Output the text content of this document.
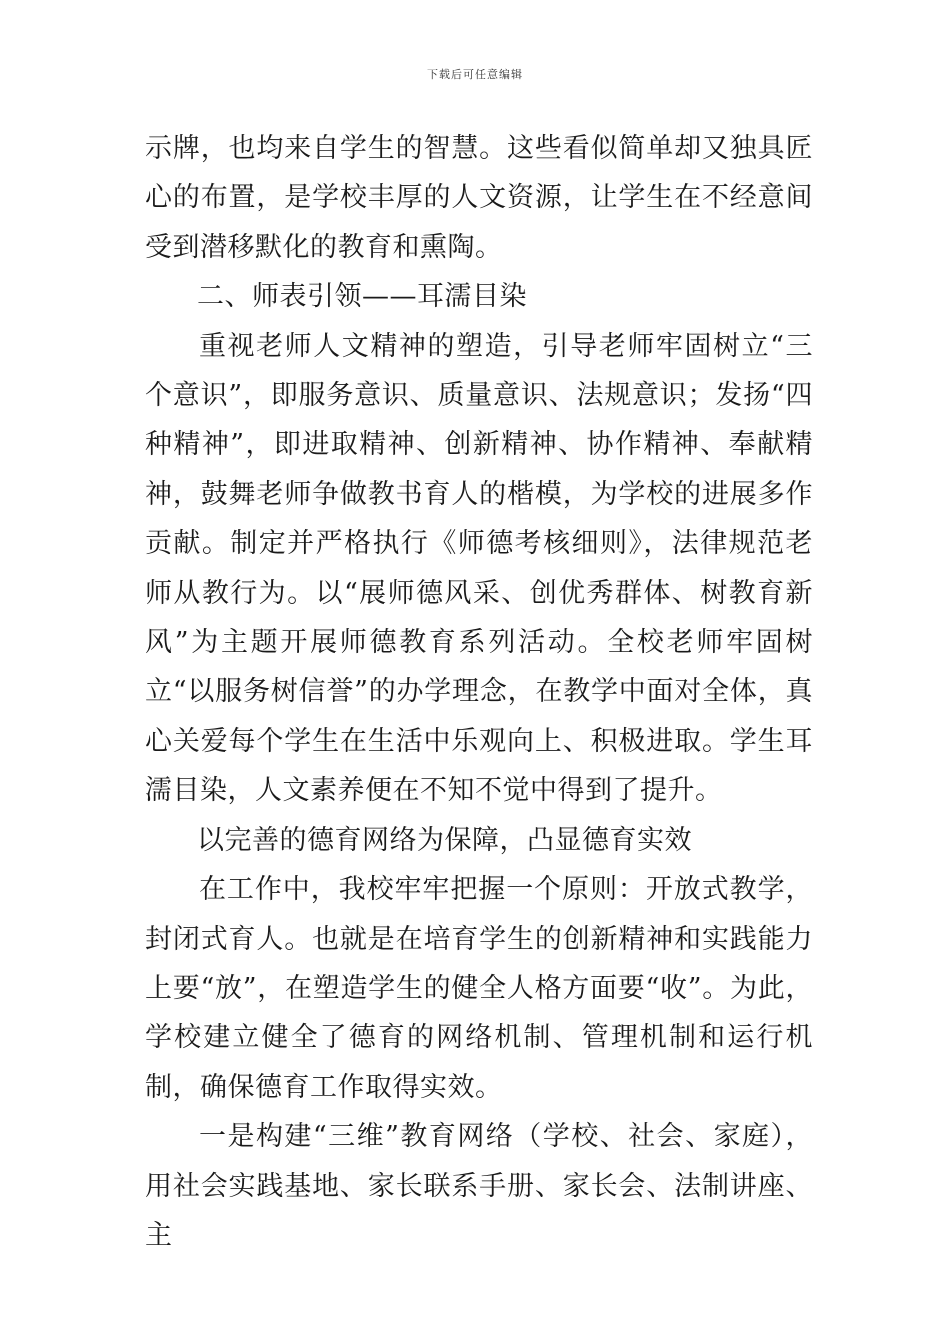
下载后可任意编辑

示牌，也均来自学生的智慧。这些看似简单却又独具匠心的布置，是学校丰厚的人文资源，让学生在不经意间受到潜移默化的教育和熏陶。

二、师表引领——耳濡目染

重视老师人文精神的塑造，引导老师牢固树立“三个意识”，即服务意识、质量意识、法规意识；发扬“四种精神”，即进取精神、创新精神、协作精神、奉献精神，鼓舞老师争做教书育人的楷模，为学校的进展多作贡献。制定并严格执行《师德考核细则》，法律规范老师从教行为。以“展师德风采、创优秀群体、树教育新风”为主题开展师德教育系列活动。全校老师牢固树立“以服务树信誉”的办学理念，在教学中面对全体，真心关爱每个学生在生活中乐观向上、积极进取。学生耳濡目染，人文素养便在不知不觉中得到了提升。

以完善的德育网络为保障，凸显德育实效

在工作中，我校牢牢把握一个原则：开放式教学，封闭式育人。也就是在培育学生的创新精神和实践能力上要“放”，在塑造学生的健全人格方面要“收”。为此，学校建立健全了德育的网络机制、管理机制和运行机制，确保德育工作取得实效。

一是构建“三维”教育网络（学校、社会、家庭），用社会实践基地、家长联系手册、家长会、法制讲座、主
